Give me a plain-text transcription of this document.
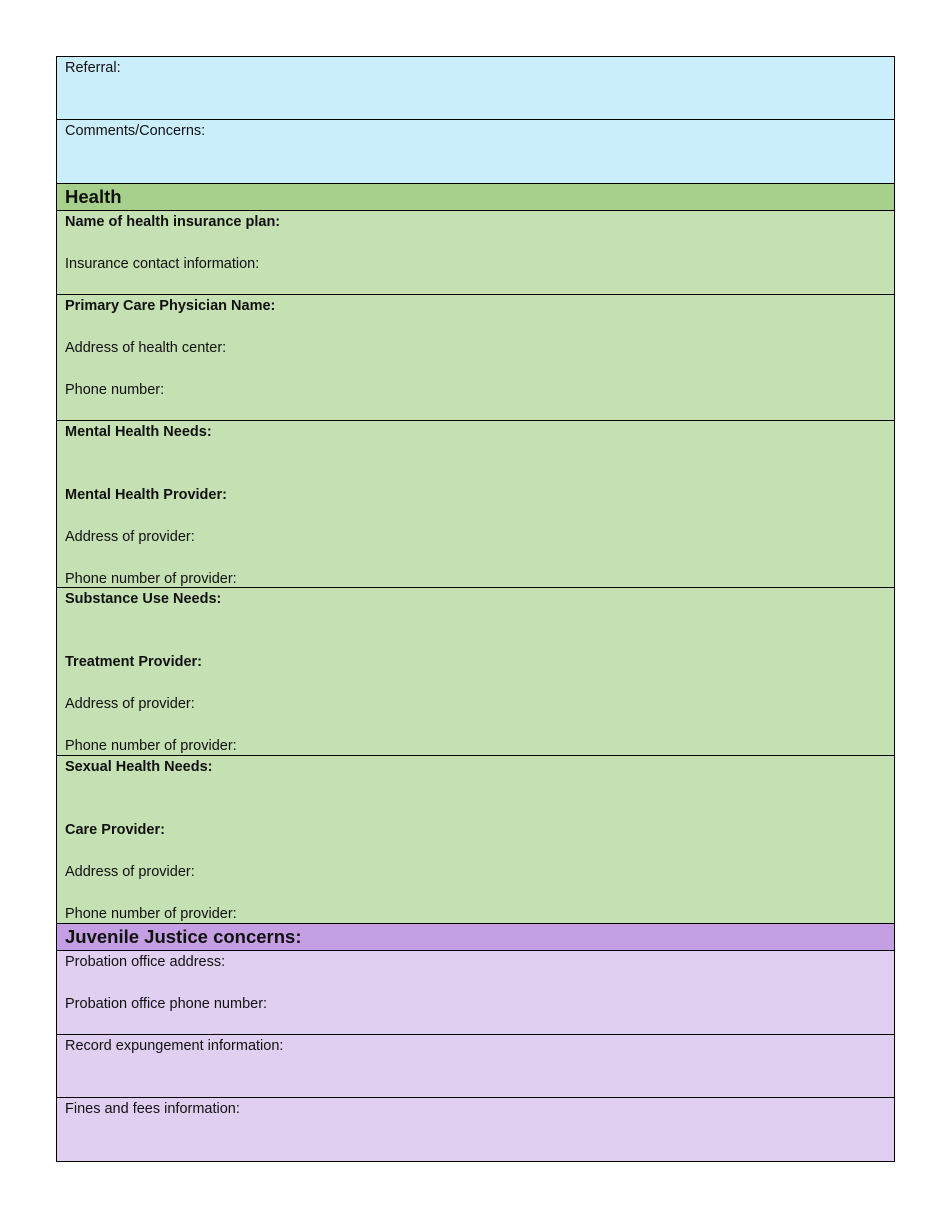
Referral:
Comments/Concerns:
Health
Name of health insurance plan:
Insurance contact information:
Primary Care Physician Name:
Address of health center:
Phone number:
Mental Health Needs:
Mental Health Provider:
Address of provider:
Phone number of provider:
Substance Use Needs:
Treatment Provider:
Address of provider:
Phone number of provider:
Sexual Health Needs:
Care Provider:
Address of provider:
Phone number of provider:
Juvenile Justice concerns:
Probation office address:
Probation office phone number:
Record expungement information:
Fines and fees information:
